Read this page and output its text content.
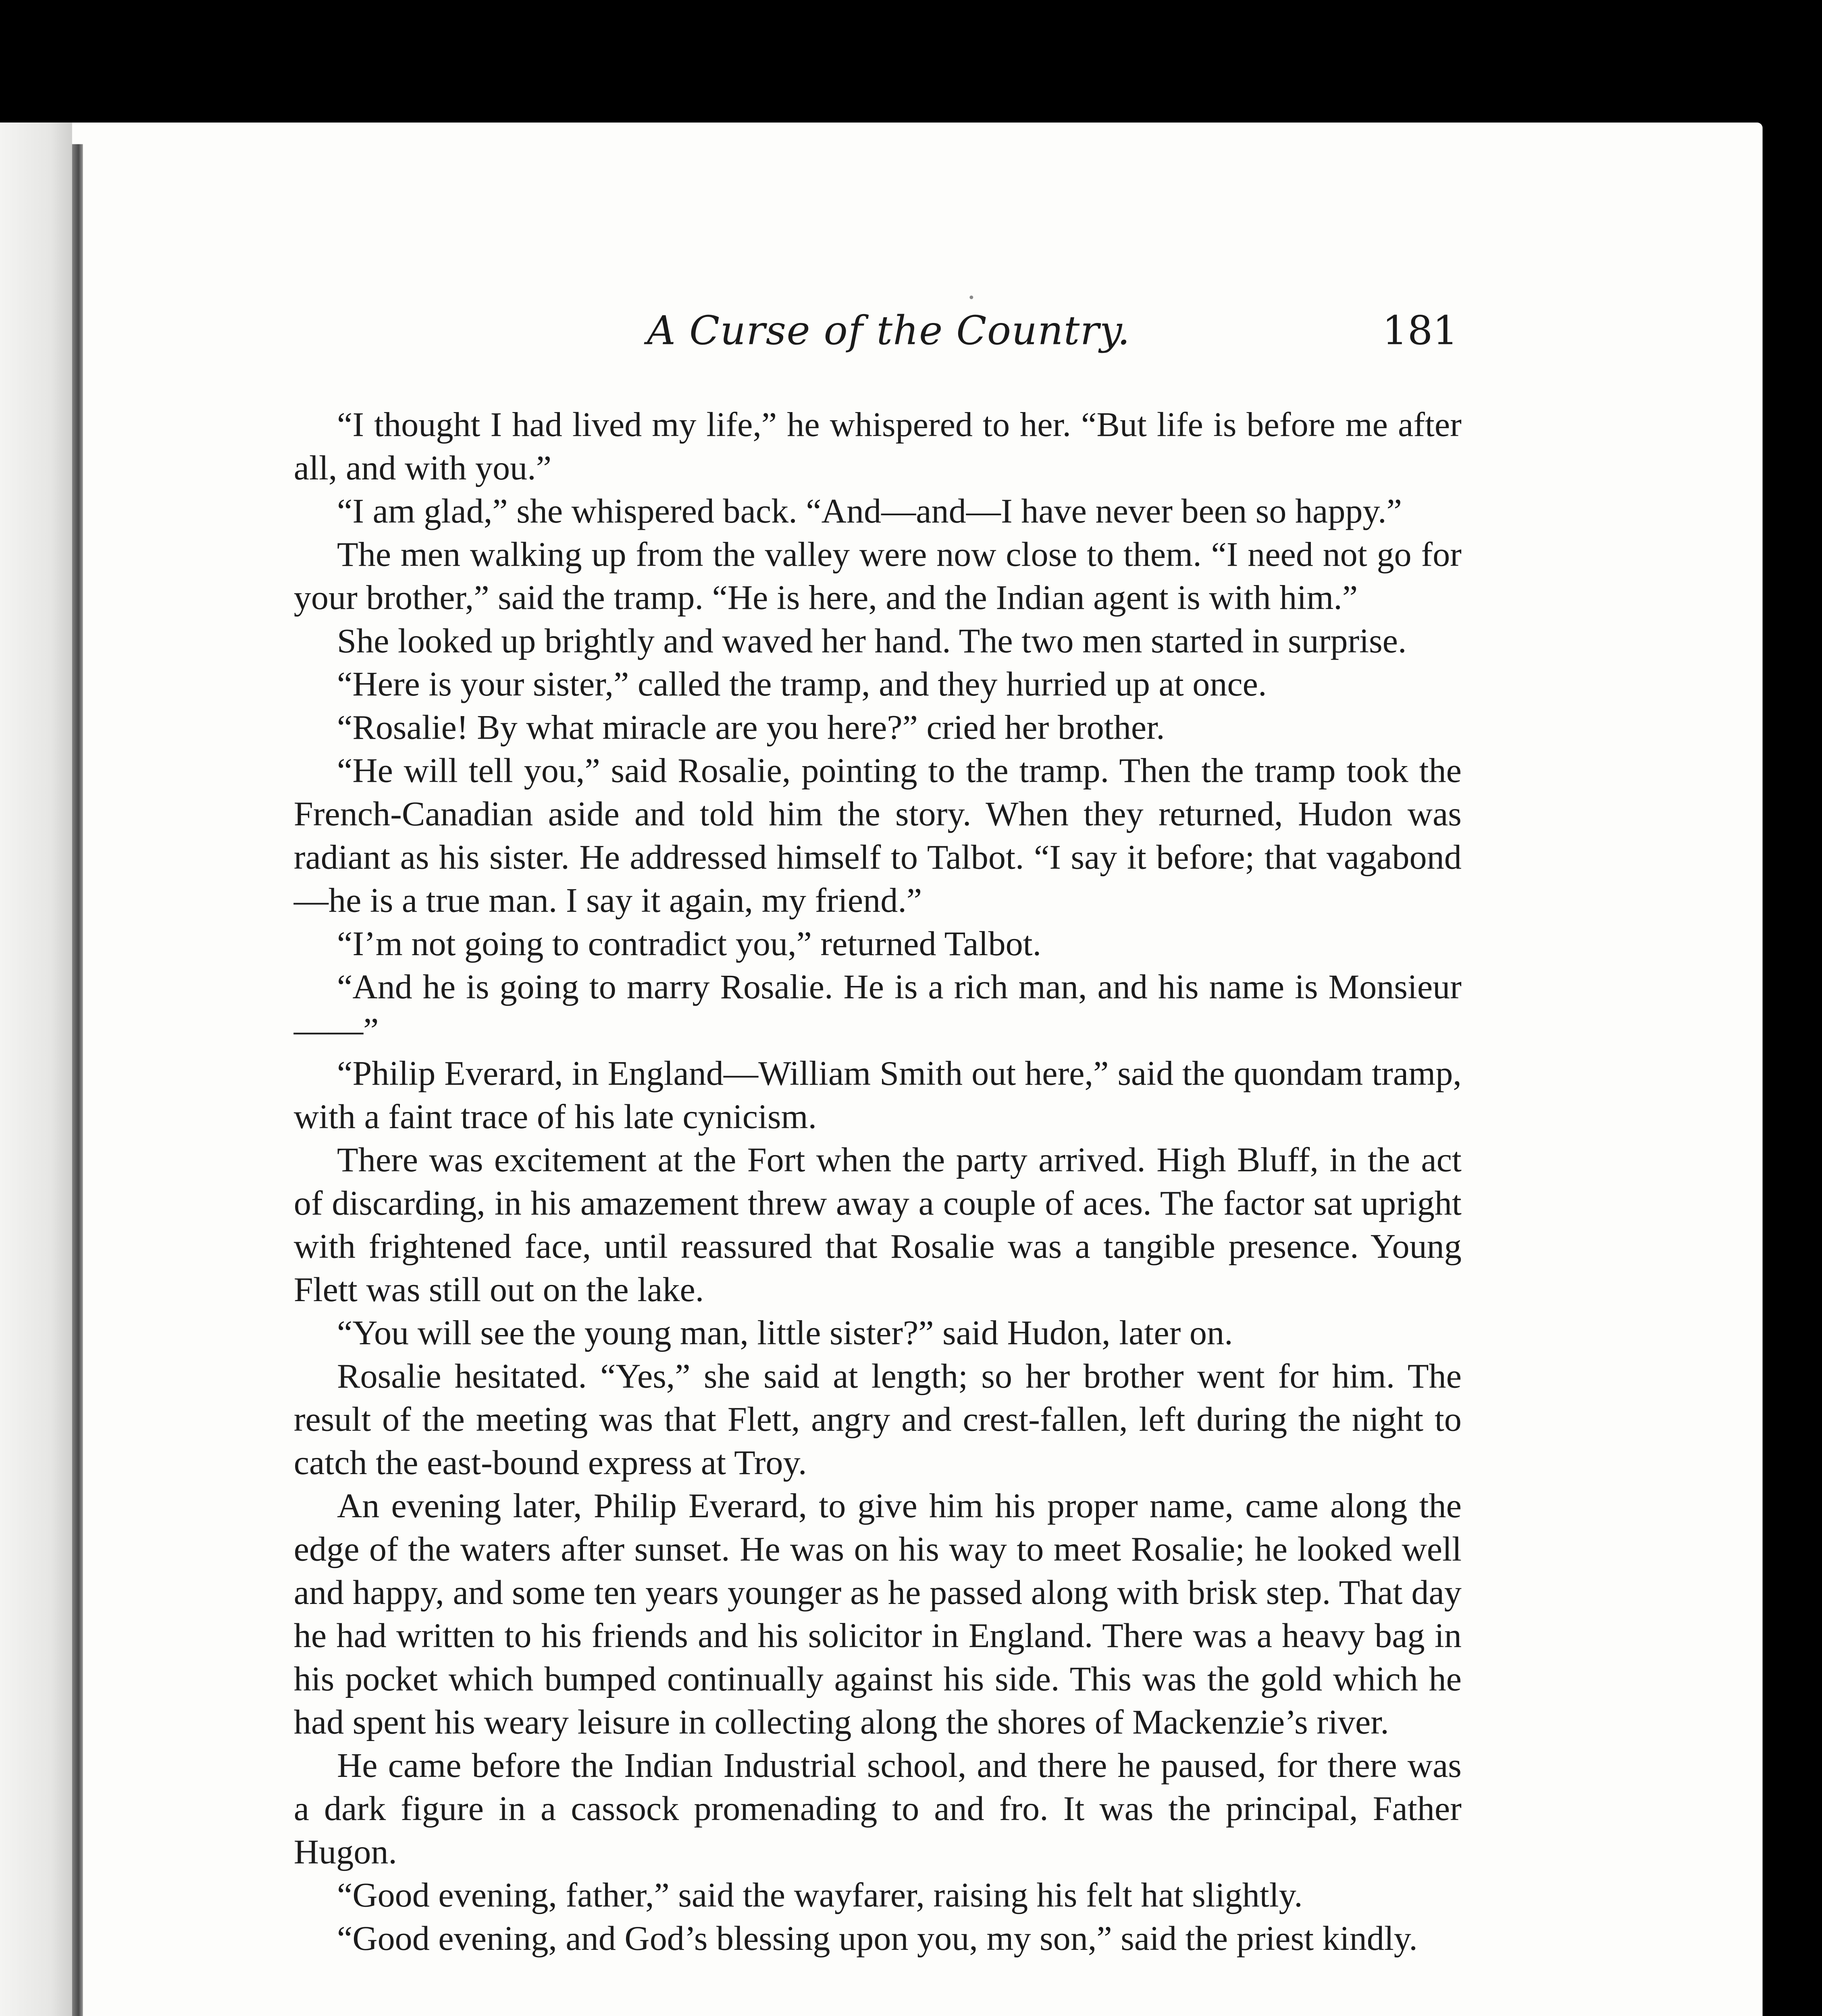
A Curse of the Country.	181

“I thought I had lived my life,” he whispered to her. “But life is before me after all, and with you.”

“I am glad,” she whispered back. “And—and—I have never been so happy.”

The men walking up from the valley were now close to them. “I need not go for your brother,” said the tramp. “He is here, and the Indian agent is with him.”

She looked up brightly and waved her hand. The two men started in surprise.

“Here is your sister,” called the tramp, and they hurried up at once.

“Rosalie! By what miracle are you here?” cried her brother.

“He will tell you,” said Rosalie, pointing to the tramp. Then the tramp took the French-Canadian aside and told him the story. When they returned, Hudon was radiant as his sister. He addressed himself to Talbot. “I say it before; that vagabond—he is a true man. I say it again, my friend.”

“I’m not going to contradict you,” returned Talbot.

“And he is going to marry Rosalie. He is a rich man, and his name is Monsieur——”

“Philip Everard, in England—William Smith out here,” said the quondam tramp, with a faint trace of his late cynicism.

There was excitement at the Fort when the party arrived. High Bluff, in the act of discarding, in his amazement threw away a couple of aces. The factor sat upright with frightened face, until reassured that Rosalie was a tangible presence. Young Flett was still out on the lake.

“You will see the young man, little sister?” said Hudon, later on.

Rosalie hesitated. “Yes,” she said at length; so her brother went for him. The result of the meeting was that Flett, angry and crest-fallen, left during the night to catch the east-bound express at Troy.

An evening later, Philip Everard, to give him his proper name, came along the edge of the waters after sunset. He was on his way to meet Rosalie; he looked well and happy, and some ten years younger as he passed along with brisk step. That day he had written to his friends and his solicitor in England. There was a heavy bag in his pocket which bumped continually against his side. This was the gold which he had spent his weary leisure in collecting along the shores of Mackenzie’s river.

He came before the Indian Industrial school, and there he paused, for there was a dark figure in a cassock promenading to and fro. It was the principal, Father Hugon.

“Good evening, father,” said the wayfarer, raising his felt hat slightly.

“Good evening, and God’s blessing upon you, my son,” said the priest kindly.
